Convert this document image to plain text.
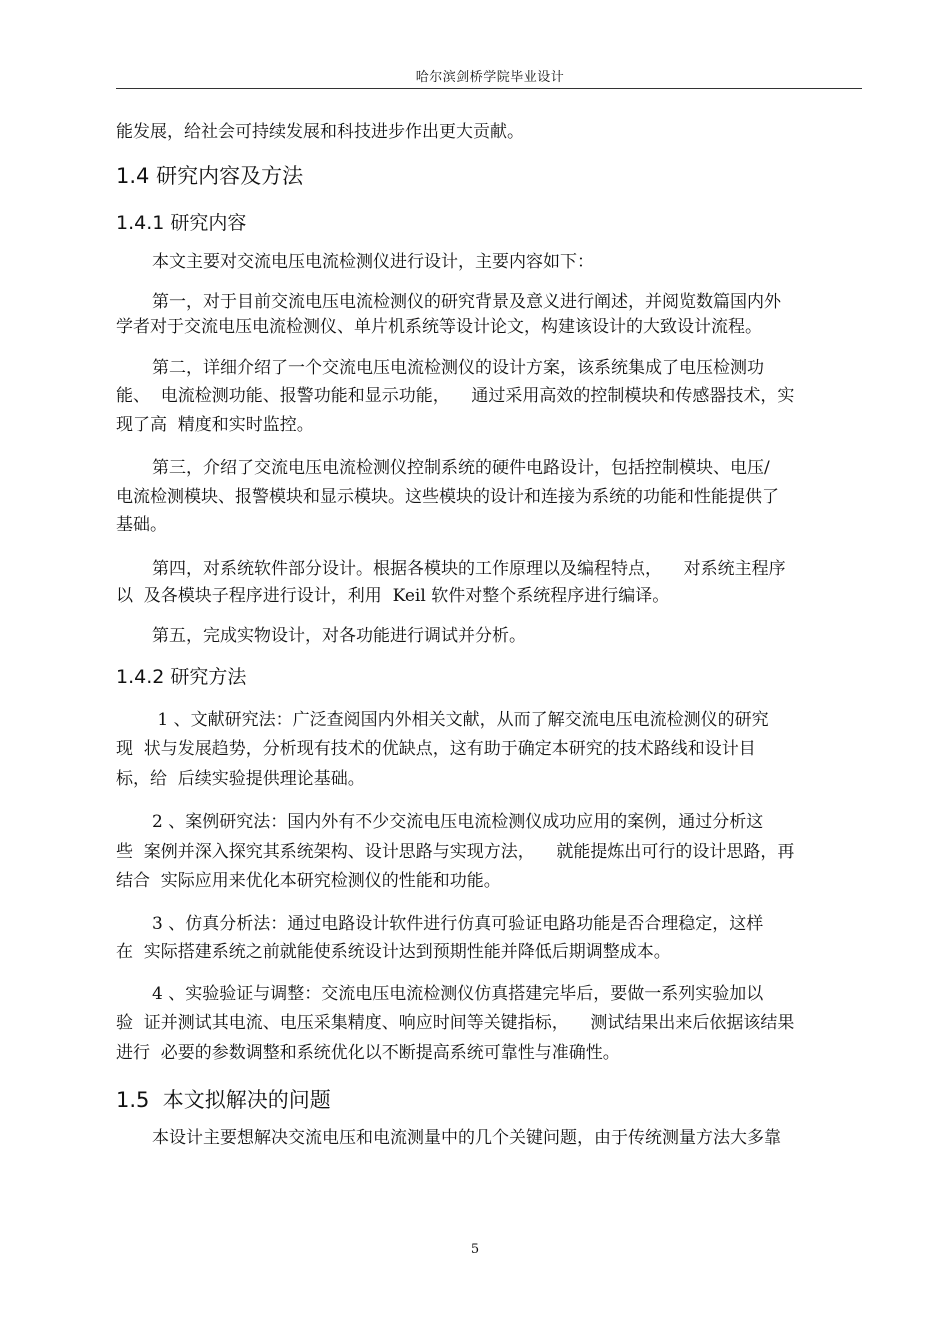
哈尔滨剑桥学院毕业设计
能发展，给社会可持续发展和科技进步作出更大贡献。
1.4 研究内容及方法
1.4.1 研究内容
本文主要对交流电压电流检测仪进行设计，主要内容如下：
第一，对于目前交流电压电流检测仪的研究背景及意义进行阐述，并阅览数篇国内外
学者对于交流电压电流检测仪、单片机系统等设计论文，构建该设计的大致设计流程。
第二，详细介绍了一个交流电压电流检测仪的设计方案，该系统集成了电压检测功
能、  电流检测功能、报警功能和显示功能，    通过采用高效的控制模块和传感器技术，实
现了高  精度和实时监控。
第三，介绍了交流电压电流检测仪控制系统的硬件电路设计，包括控制模块、电压/
电流检测模块、报警模块和显示模块。这些模块的设计和连接为系统的功能和性能提供了
基础。
第四，对系统软件部分设计。根据各模块的工作原理以及编程特点，    对系统主程序
以  及各模块子程序进行设计，利用  Keil 软件对整个系统程序进行编译。
第五，完成实物设计，对各功能进行调试并分析。
1.4.2 研究方法
1 、文献研究法：广泛查阅国内外相关文献，从而了解交流电压电流检测仪的研究
现  状与发展趋势，分析现有技术的优缺点，这有助于确定本研究的技术路线和设计目
标，给  后续实验提供理论基础。
2 、案例研究法：国内外有不少交流电压电流检测仪成功应用的案例，通过分析这
些  案例并深入探究其系统架构、设计思路与实现方法，    就能提炼出可行的设计思路，再
结合  实际应用来优化本研究检测仪的性能和功能。
3 、仿真分析法：通过电路设计软件进行仿真可验证电路功能是否合理稳定，这样
在  实际搭建系统之前就能使系统设计达到预期性能并降低后期调整成本。
4 、实验验证与调整：交流电压电流检测仪仿真搭建完毕后，要做一系列实验加以
验  证并测试其电流、电压采集精度、响应时间等关键指标，    测试结果出来后依据该结果
进行  必要的参数调整和系统优化以不断提高系统可靠性与准确性。
1.5  本文拟解决的问题
本设计主要想解决交流电压和电流测量中的几个关键问题，由于传统测量方法大多靠
5
